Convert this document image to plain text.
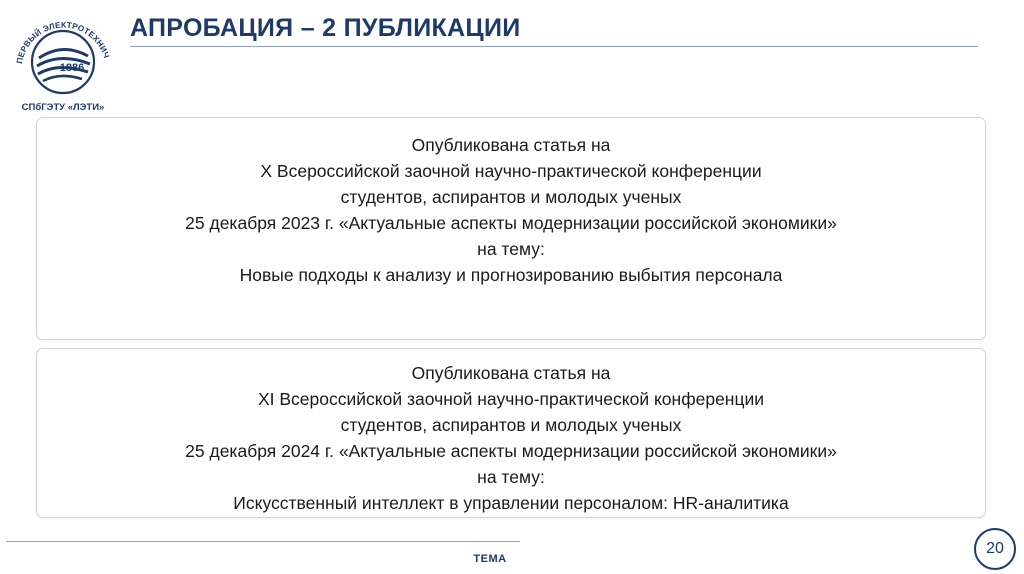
ПЕРВЫЙ ЭЛЕКТРОТЕХНИЧ
1886
СПбГЭТУ «ЛЭТИ»
АПРОБАЦИЯ – 2 ПУБЛИКАЦИИ
Опубликована статья на
X Всероссийской заочной научно-практической конференции
студентов, аспирантов и молодых ученых
25 декабря 2023 г. «Актуальные аспекты модернизации российской экономики»
на тему:
Новые подходы к анализу и прогнозированию выбытия персонала
Опубликована статья на
XI Всероссийской заочной научно-практической конференции
студентов, аспирантов и молодых ученых
25 декабря 2024 г. «Актуальные аспекты модернизации российской экономики»
на тему:
Искусственный интеллект в управлении персоналом: HR-аналитика
ТЕМА
20
